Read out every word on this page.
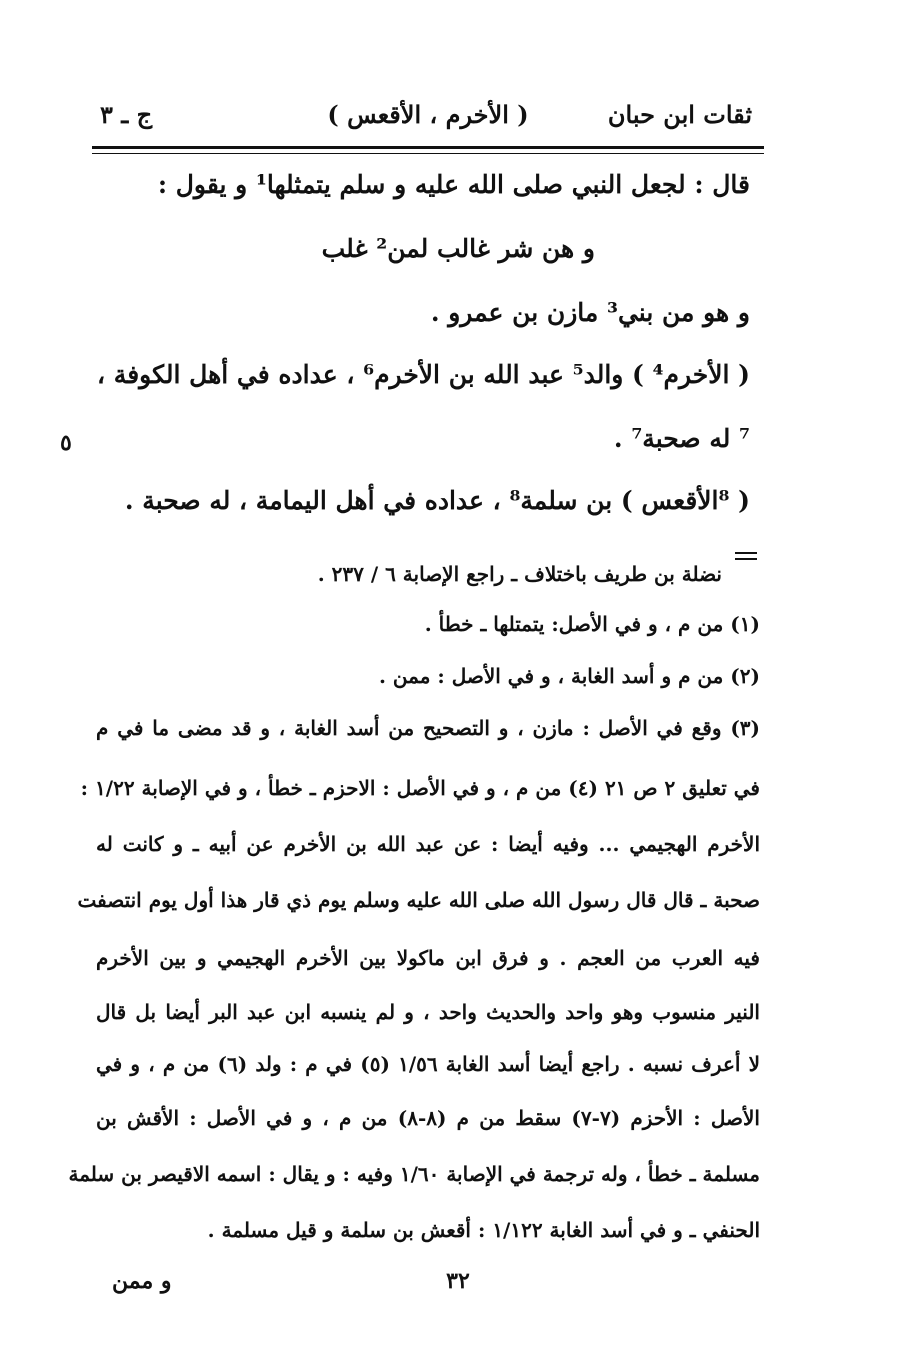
ثقات ابن حبان
( الأخرم ، الأقعس )
ج ـ ٣
قال : لجعل النبي صلى الله عليه و سلم يتمثلها¹ و يقول :
و هن شر غالب لمن² غلب
و هو من بني³ مازن بن عمرو .
( الأخرم⁴ ) والد⁵ عبد الله بن الأخرم⁶ ، عداده في أهل الكوفة ،
⁷ له صحبة⁷ .
٥
( ⁸الأقعس ) بن سلمة⁸ ، عداده في أهل اليمامة ، له صحبة .
نضلة بن طريف باختلاف ـ راجع الإصابة ٦ / ٢٣٧ .
(١) من م ، و في الأصل: يتمتلها ـ خطأ .
(٢) من م و أسد الغابة ، و في الأصل : ممن .
(٣) وقع في الأصل : مازن ، و التصحيح من أسد الغابة ، و قد مضى ما في م
في تعليق ٢ ص ٢١ (٤) من م ، و في الأصل : الاحزم ـ خطأ ، و في الإصابة ١/٢٢ :
الأخرم الهجيمي ... وفيه أيضا : عن عبد الله بن الأخرم عن أبيه ـ و كانت له
صحبة ـ قال قال رسول الله صلى الله عليه وسلم يوم ذي قار هذا أول يوم انتصفت
فيه العرب من العجم . و فرق ابن ماكولا بين الأخرم الهجيمي و بين الأخرم
النير منسوب وهو واحد والحديث واحد ، و لم ينسبه ابن عبد البر أيضا بل قال
لا أعرف نسبه . راجع أيضا أسد الغابة ١/٥٦ (٥) في م : ولد (٦) من م ، و في
الأصل : الأحزم (٧-٧) سقط من م (٨-٨) من م ، و في الأصل : الأقش بن
مسلمة ـ خطأ ، وله ترجمة في الإصابة ١/٦٠ وفيه : و يقال : اسمه الاقيصر بن سلمة
الحنفي ـ و في أسد الغابة ١/١٢٢ : أقعش بن سلمة و قيل مسلمة .
٣٢
و ممن
